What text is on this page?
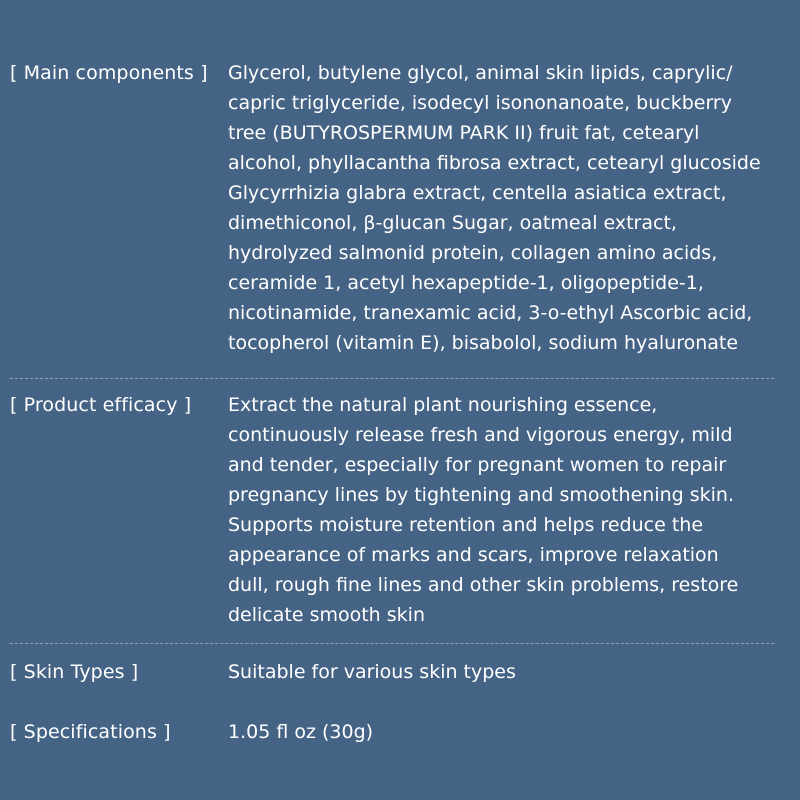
[ Main components ] Glycerol, butylene glycol, animal skin lipids, caprylic/
capric triglyceride, isodecyl isononanoate, buckberry
tree (BUTYROSPERMUM PARK II) fruit fat, cetearyl
alcohol, phyllacantha fibrosa extract, cetearyl glucoside
Glycyrrhizia glabra extract, centella asiatica extract,
dimethiconol, β-glucan Sugar, oatmeal extract,
hydrolyzed salmonid protein, collagen amino acids,
ceramide 1, acetyl hexapeptide-1, oligopeptide-1,
nicotinamide, tranexamic acid, 3-o-ethyl Ascorbic acid,
tocopherol (vitamin E), bisabolol, sodium hyaluronate
[ Product efficacy ] Extract the natural plant nourishing essence,
continuously release fresh and vigorous energy, mild
and tender, especially for pregnant women to repair
pregnancy lines by tightening and smoothening skin.
Supports moisture retention and helps reduce the
appearance of marks and scars, improve relaxation
dull, rough fine lines and other skin problems, restore
delicate smooth skin
[ Skin Types ]	Suitable for various skin types
[ Specifications ]	1.05 fl oz (30g)
